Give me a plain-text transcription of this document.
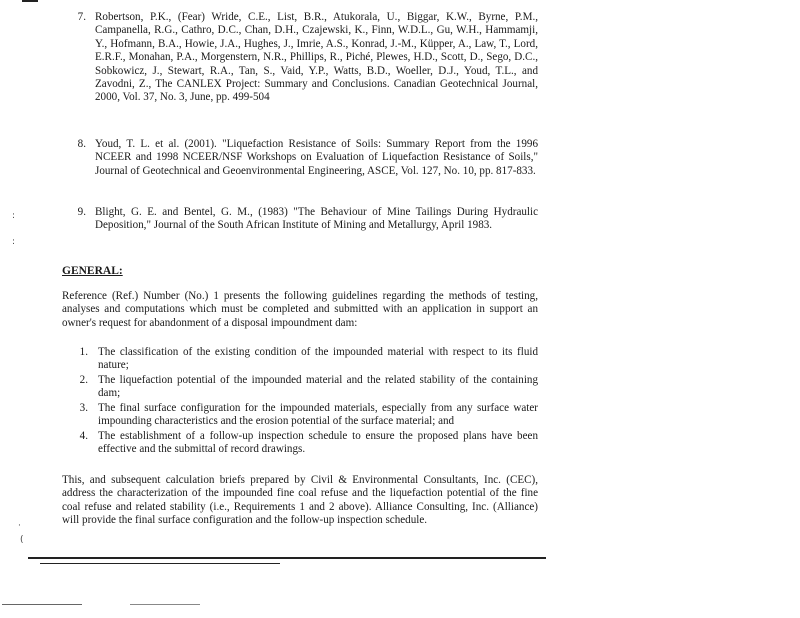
7. Robertson, P.K., (Fear) Wride, C.E., List, B.R., Atukorala, U., Biggar, K.W., Byrne, P.M., Campanella, R.G., Cathro, D.C., Chan, D.H., Czajewski, K., Finn, W.D.L., Gu, W.H., Hammamji, Y., Hofmann, B.A., Howie, J.A., Hughes, J., Imrie, A.S., Konrad, J.-M., Küpper, A., Law, T., Lord, E.R.F., Monahan, P.A., Morgenstern, N.R., Phillips, R., Piché, Plewes, H.D., Scott, D., Sego, D.C., Sobkowicz, J., Stewart, R.A., Tan, S., Vaid, Y.P., Watts, B.D., Woeller, D.J., Youd, T.L., and Zavodni, Z., The CANLEX Project: Summary and Conclusions. Canadian Geotechnical Journal, 2000, Vol. 37, No. 3, June, pp. 499-504
8. Youd, T. L. et al. (2001). "Liquefaction Resistance of Soils: Summary Report from the 1996 NCEER and 1998 NCEER/NSF Workshops on Evaluation of Liquefaction Resistance of Soils," Journal of Geotechnical and Geoenvironmental Engineering, ASCE, Vol. 127, No. 10, pp. 817-833.
:
:
9. Blight, G. E. and Bentel, G. M., (1983) "The Behaviour of Mine Tailings During Hydraulic Deposition," Journal of the South African Institute of Mining and Metallurgy, April 1983.
GENERAL:
Reference (Ref.) Number (No.) 1 presents the following guidelines regarding the methods of testing, analyses and computations which must be completed and submitted with an application in support an owner's request for abandonment of a disposal impoundment dam:
1. The classification of the existing condition of the impounded material with respect to its fluid nature;
2. The liquefaction potential of the impounded material and the related stability of the containing dam;
3. The final surface configuration for the impounded materials, especially from any surface water impounding characteristics and the erosion potential of the surface material; and
4. The establishment of a follow-up inspection schedule to ensure the proposed plans have been effective and the submittal of record drawings.
This, and subsequent calculation briefs prepared by Civil & Environmental Consultants, Inc. (CEC), address the characterization of the impounded fine coal refuse and the liquefaction potential of the fine coal refuse and related stability (i.e., Requirements 1 and 2 above). Alliance Consulting, Inc. (Alliance) will provide the final surface configuration and the follow-up inspection schedule.
·
(
